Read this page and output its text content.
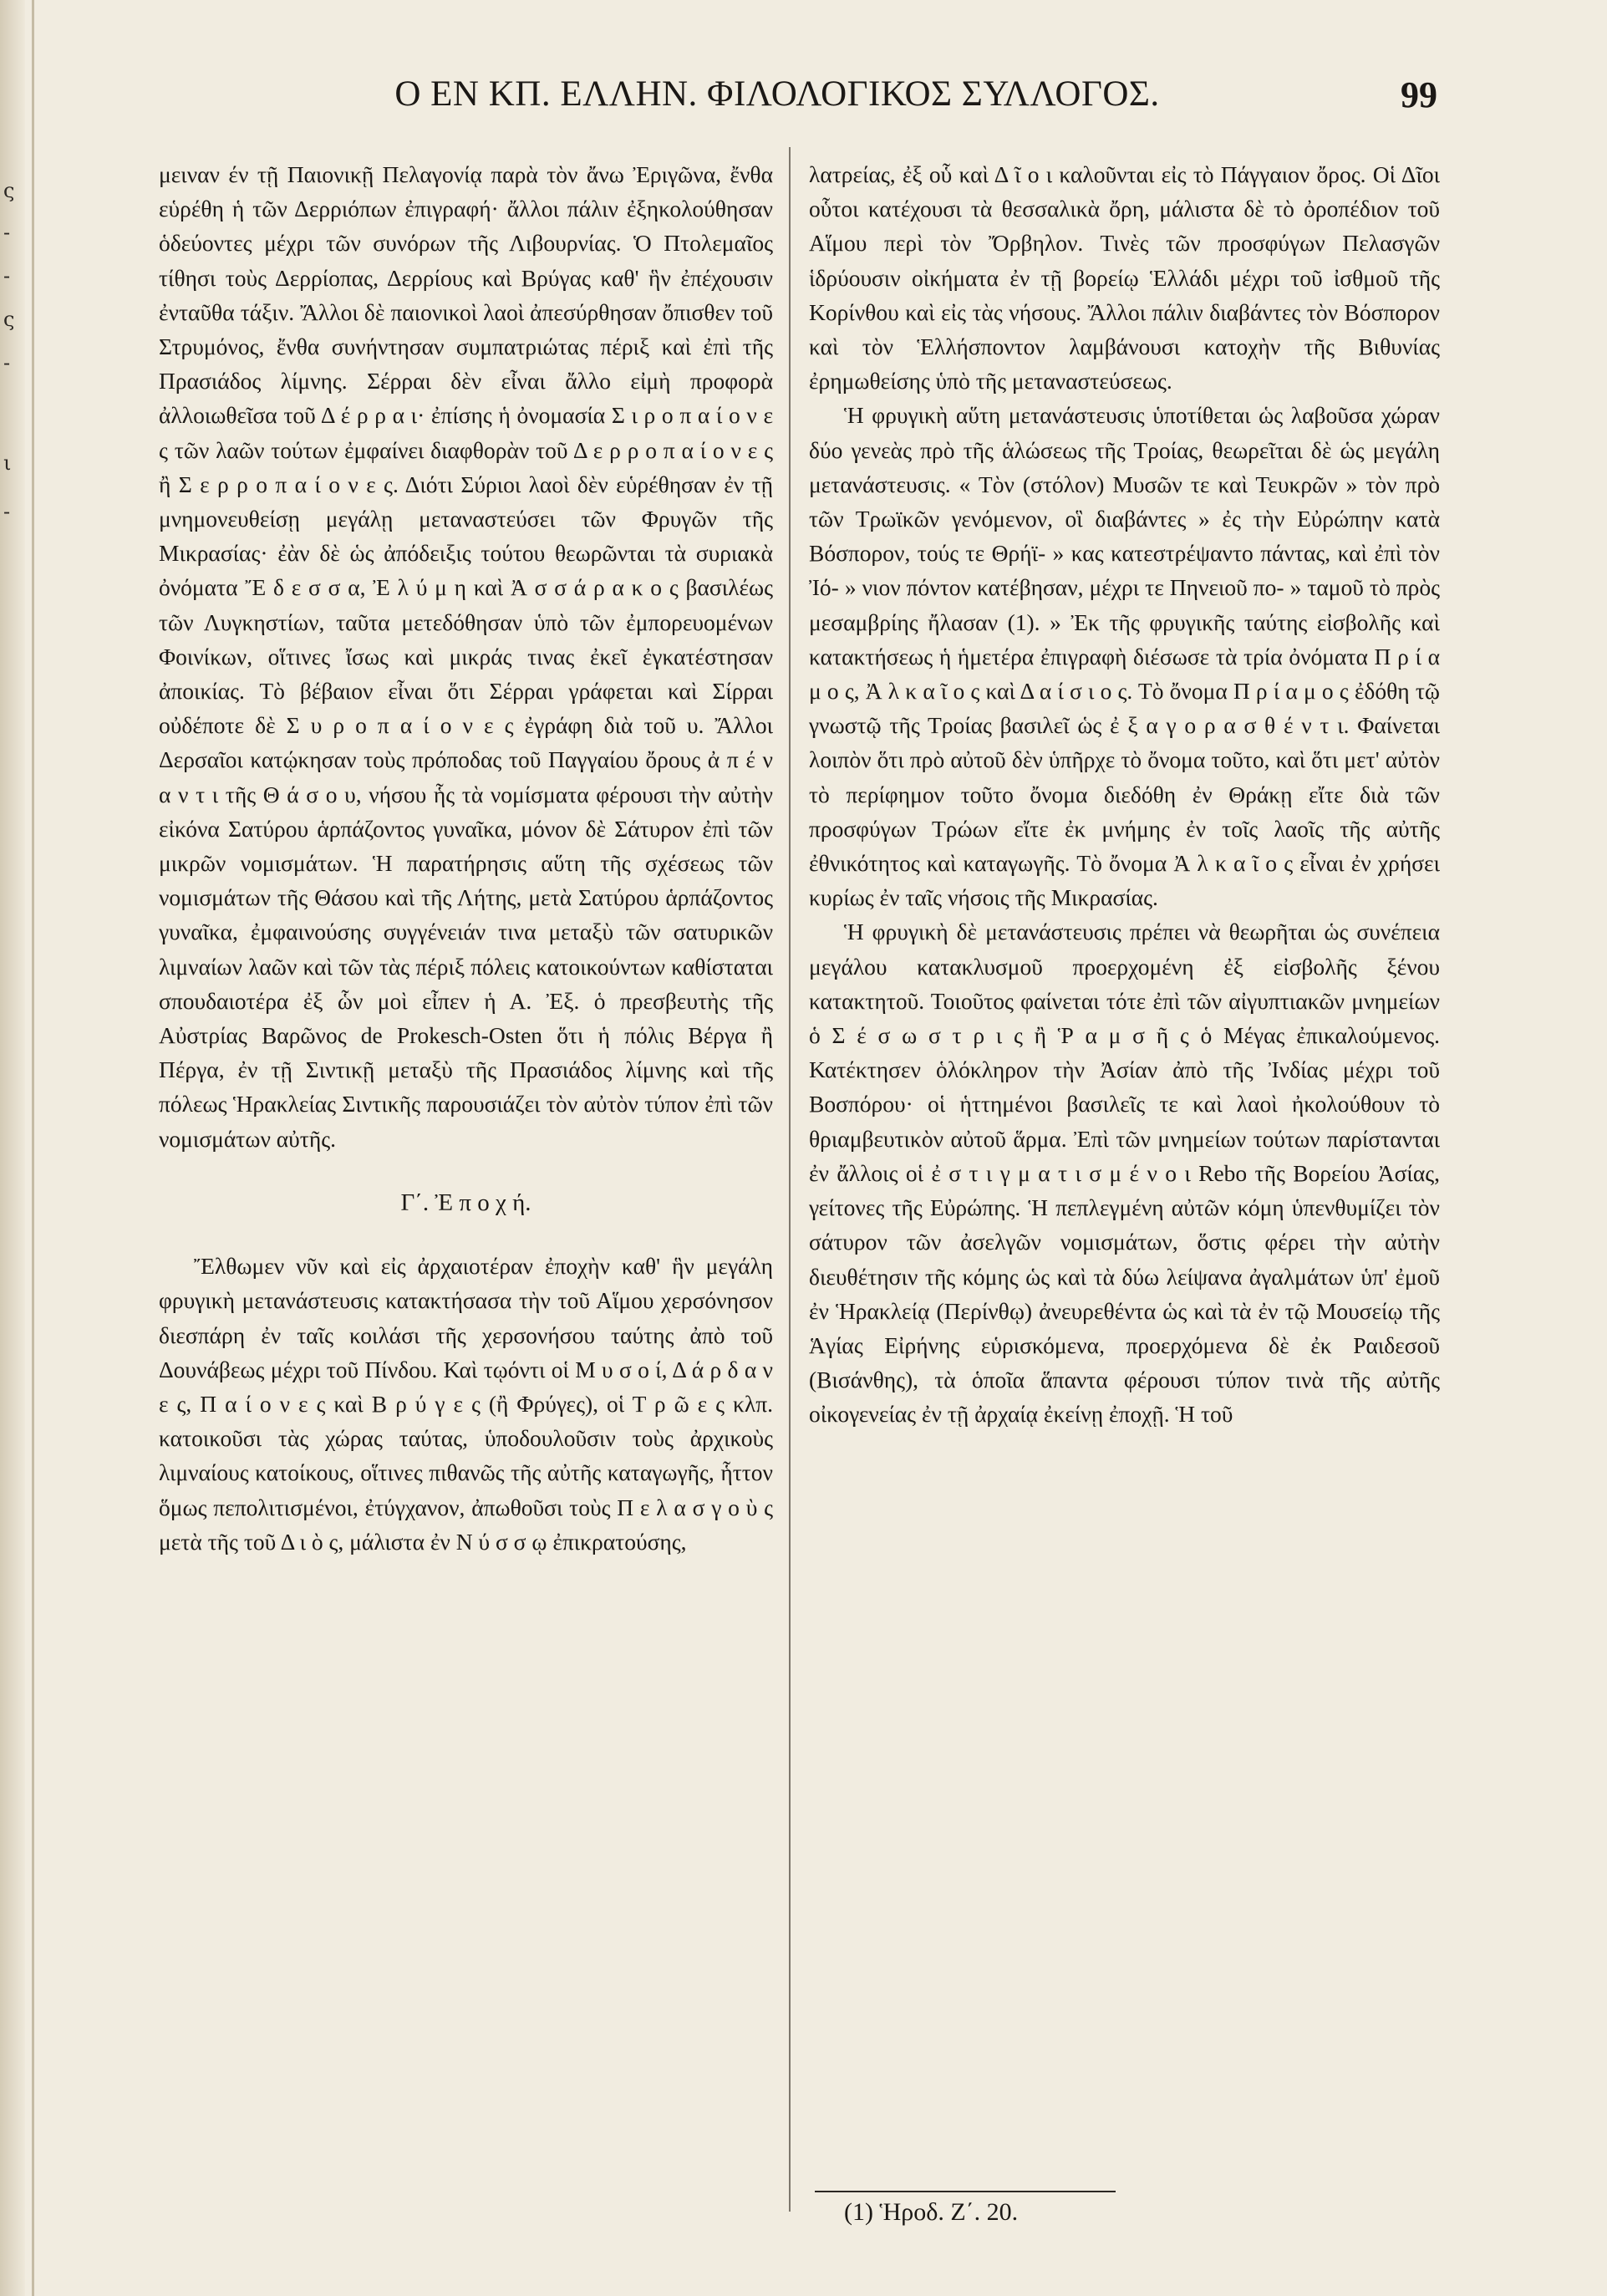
ς
-
-
ς
-
ι
-
Ο ΕΝ ΚΠ. ΕΛΛΗΝ. ΦΙΛΟΛΟΓΙΚΟΣ ΣΥΛΛΟΓΟΣ.	99

μειναν έν τῇ Παιονικῇ Πελαγονίᾳ παρὰ τὸν ἄνω Ἐριγῶνα, ἔνθα εὑρέθη ἡ τῶν Δερριόπων ἐπιγραφή· ἄλλοι πάλιν ἐξηκολούθησαν ὁδεύοντες μέχρι τῶν συνόρων τῆς Λιβουρνίας. Ὁ Πτολεμαῖος τίθησι τοὺς Δερρίοπας, Δερρίους καὶ Βρύγας καθ' ἣν ἐπέχουσιν ἐνταῦθα τάξιν. Ἄλλοι δὲ παιονικοὶ λαοὶ ἀπεσύρθησαν ὄπισθεν τοῦ Στρυμόνος, ἔνθα συνήντησαν συμπατριώτας πέριξ καὶ ἐπὶ τῆς Πρασιάδος λίμνης. Σέρραι δὲν εἶναι ἄλλο εἰμὴ προφορὰ ἀλλοιωθεῖσα τοῦ Δ έ ρ ρ α ι· ἐπίσης ἡ ὀνομασία Σ ι ρ ο π α ί ο ν ε ς τῶν λαῶν τούτων ἐμφαίνει διαφθορὰν τοῦ Δ ε ρ ρ ο π α ί ο ν ε ς ἢ Σ ε ρ ρ ο π α ί ο ν ε ς. Διότι Σύριοι λαοὶ δὲν εὑρέθησαν ἐν τῇ μνημονευθείσῃ μεγάλῃ μεταναστεύσει τῶν Φρυγῶν τῆς Μικρασίας· ἐὰν δὲ ὡς ἀπόδειξις τούτου θεωρῶνται τὰ συριακὰ ὀνόματα Ἔ δ ε σ σ α, Ἐ λ ύ μ η καὶ Ἀ σ σ ά ρ α κ ο ς βασιλέως τῶν Λυγκηστίων, ταῦτα μετεδόθησαν ὑπὸ τῶν ἐμπορευομένων Φοινίκων, οἵτινες ἴσως καὶ μικράς τινας ἐκεῖ ἐγκατέστησαν ἀποικίας. Τὸ βέβαιον εἶναι ὅτι Σέρραι γράφεται καὶ Σίρραι οὐδέποτε δὲ Σ υ ρ ο π α ί ο ν ε ς ἐγράφη διὰ τοῦ υ. Ἄλλοι Δερσαῖοι κατῴκησαν τοὺς πρόποδας τοῦ Παγγαίου ὄρους ἀ π έ ν α ν τ ι τῆς Θ ά σ ο υ, νήσου ἧς τὰ νομίσματα φέρουσι τὴν αὐτὴν εἰκόνα Σατύρου ἁρπάζοντος γυναῖκα, μόνον δὲ Σάτυρον ἐπὶ τῶν μικρῶν νομισμάτων. Ἡ παρατήρησις αὕτη τῆς σχέσεως τῶν νομισμάτων τῆς Θάσου καὶ τῆς Λήτης, μετὰ Σατύρου ἁρπάζοντος γυναῖκα, ἐμφαινούσης συγγένειάν τινα μεταξὺ τῶν σατυρικῶν λιμναίων λαῶν καὶ τῶν τὰς πέριξ πόλεις κατοικούντων καθίσταται σπουδαιοτέρα ἐξ ὧν μοὶ εἶπεν ἡ Α. Ἐξ. ὁ πρεσβευτὴς τῆς Αὐστρίας Βαρῶνος de Prokesch-Osten ὅτι ἡ πόλις Βέργα ἢ Πέργα, ἐν τῇ Σιντικῇ μεταξὺ τῆς Πρασιάδος λίμνης καὶ τῆς πόλεως Ἡρακλείας Σιντικῆς παρουσιάζει τὸν αὐτὸν τύπον ἐπὶ τῶν νομισμάτων αὐτῆς.

Γ΄. Ἐ π ο χ ή.

Ἔλθωμεν νῦν καὶ εἰς ἀρχαιοτέραν ἐποχὴν καθ' ἣν μεγάλη φρυγικὴ μετανάστευσις κατακτήσασα τὴν τοῦ Αἵμου χερσόνησον διεσπάρη ἐν ταῖς κοιλάσι τῆς χερσονήσου ταύτης ἀπὸ τοῦ Δουνάβεως μέχρι τοῦ Πίνδου. Καὶ τῳόντι οἱ Μ υ σ ο ί, Δ ά ρ δ α ν ε ς, Π α ί ο ν ε ς καὶ Β ρ ύ γ ε ς (ἢ Φρύγες), οἱ Τ ρ ῶ ε ς κλπ. κατοικοῦσι τὰς χώρας ταύτας, ὑποδουλοῦσιν τοὺς ἀρχικοὺς λιμναίους κατοίκους, οἵτινες πιθανῶς τῆς αὐτῆς καταγωγῆς, ἧττον ὅμως πεπολιτισμένοι, ἐτύγχανον, ἀπωθοῦσι τοὺς Π ε λ α σ γ ο ὺ ς μετὰ τῆς τοῦ Δ ι ὸ ς, μάλιστα ἐν Ν ύ σ σ ῳ ἐπικρατούσης,

λατρείας, ἐξ οὗ καὶ Δ ῖ ο ι καλοῦνται εἰς τὸ Πάγγαιον ὄρος. Οἱ Δῖοι οὗτοι κατέχουσι τὰ θεσσαλικὰ ὄρη, μάλιστα δὲ τὸ ὀροπέδιον τοῦ Αἵμου περὶ τὸν Ὄρβηλον. Τινὲς τῶν προσφύγων Πελασγῶν ἱδρύουσιν οἰκήματα ἐν τῇ βορείῳ Ἑλλάδι μέχρι τοῦ ἰσθμοῦ τῆς Κορίνθου καὶ εἰς τὰς νήσους. Ἄλλοι πάλιν διαβάντες τὸν Βόσπορον καὶ τὸν Ἑλλήσποντον λαμβάνουσι κατοχὴν τῆς Βιθυνίας ἐρημωθείσης ὑπὸ τῆς μεταναστεύσεως.

Ἡ φρυγικὴ αὕτη μετανάστευσις ὑποτίθεται ὡς λαβοῦσα χώραν δύο γενεὰς πρὸ τῆς ἁλώσεως τῆς Τροίας, θεωρεῖται δὲ ὡς μεγάλη μετανάστευσις. « Τὸν (στόλον) Μυσῶν τε καὶ Τευκρῶν » τὸν πρὸ τῶν Τρωϊκῶν γενόμενον, οἳ διαβάντες » ἐς τὴν Εὐρώπην κατὰ Βόσπορον, τούς τε Θρήϊ- » κας κατεστρέψαντο πάντας, καὶ ἐπὶ τὸν Ἰό- » νιον πόντον κατέβησαν, μέχρι τε Πηνειοῦ πο- » ταμοῦ τὸ πρὸς μεσαμβρίης ἤλασαν (1). » Ἐκ τῆς φρυγικῆς ταύτης εἰσβολῆς καὶ κατακτήσεως ἡ ἡμετέρα ἐπιγραφὴ διέσωσε τὰ τρία ὀνόματα Π ρ ί α μ ο ς, Ἀ λ κ α ῖ ο ς καὶ Δ α ί σ ι ο ς. Τὸ ὄνομα Π ρ ί α μ ο ς ἐδόθη τῷ γνωστῷ τῆς Τροίας βασιλεῖ ὡς ἐ ξ α γ ο ρ α σ θ έ ν τ ι. Φαίνεται λοιπὸν ὅτι πρὸ αὐτοῦ δὲν ὑπῆρχε τὸ ὄνομα τοῦτο, καὶ ὅτι μετ' αὐτὸν τὸ περίφημον τοῦτο ὄνομα διεδόθη ἐν Θράκῃ εἴτε διὰ τῶν προσφύγων Τρώων εἴτε ἐκ μνήμης ἐν τοῖς λαοῖς τῆς αὐτῆς ἐθνικότητος καὶ καταγωγῆς. Τὸ ὄνομα Ἀ λ κ α ῖ ο ς εἶναι ἐν χρήσει κυρίως ἐν ταῖς νήσοις τῆς Μικρασίας.

Ἡ φρυγικὴ δὲ μετανάστευσις πρέπει νὰ θεωρῆται ὡς συνέπεια μεγάλου κατακλυσμοῦ προερχομένη ἐξ εἰσβολῆς ξένου κατακτητοῦ. Τοιοῦτος φαίνεται τότε ἐπὶ τῶν αἰγυπτιακῶν μνημείων ὁ Σ έ σ ω σ τ ρ ι ς ἢ Ῥ α μ σ ῆ ς ὁ Μέγας ἐπικαλούμενος. Κατέκτησεν ὁλόκληρον τὴν Ἀσίαν ἀπὸ τῆς Ἰνδίας μέχρι τοῦ Βοσπόρου· οἱ ἡττημένοι βασιλεῖς τε καὶ λαοὶ ἠκολούθουν τὸ θριαμβευτικὸν αὐτοῦ ἅρμα. Ἐπὶ τῶν μνημείων τούτων παρίστανται ἐν ἄλλοις οἱ ἐ σ τ ι γ μ α τ ι σ μ έ ν ο ι Rebo τῆς Βορείου Ἀσίας, γείτονες τῆς Εὐρώπης. Ἡ πεπλεγμένη αὐτῶν κόμη ὑπενθυμίζει τὸν σάτυρον τῶν ἀσελγῶν νομισμάτων, ὅστις φέρει τὴν αὐτὴν διευθέτησιν τῆς κόμης ὡς καὶ τὰ δύω λείψανα ἀγαλμάτων ὑπ' ἐμοῦ ἐν Ἡρακλείᾳ (Περίνθῳ) ἀνευρεθέντα ὡς καὶ τὰ ἐν τῷ Μουσείῳ τῆς Ἁγίας Εἰρήνης εὑρισκόμενα, προερχόμενα δὲ ἐκ Ραιδεσοῦ (Βισάνθης), τὰ ὁποῖα ἅπαντα φέρουσι τύπον τινὰ τῆς αὐτῆς οἰκογενείας ἐν τῇ ἀρχαίᾳ ἐκείνῃ ἐποχῇ. Ἡ τοῦ

(1) Ἡροδ. Ζ΄. 20.
